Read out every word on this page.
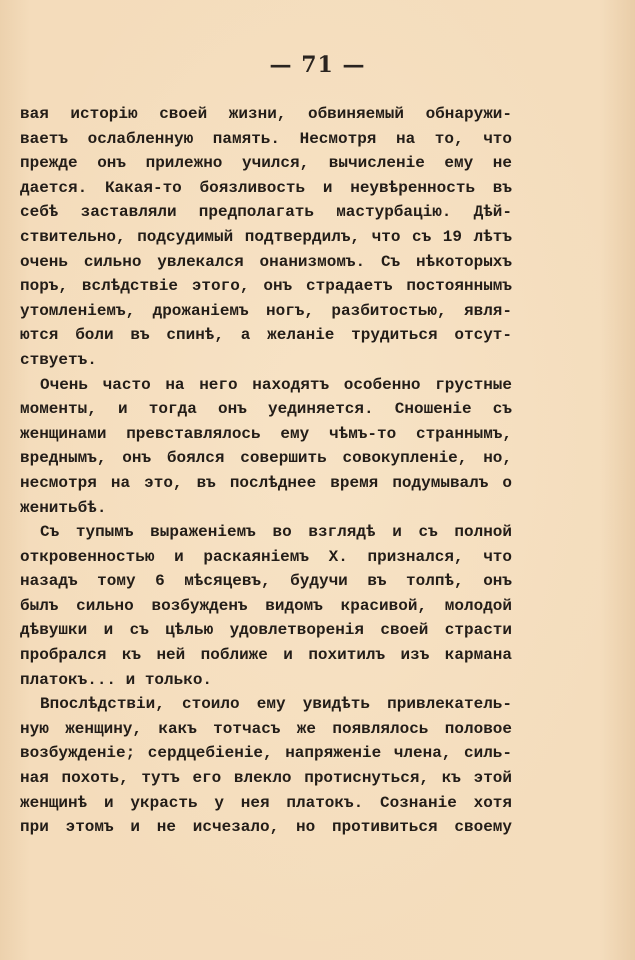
— 71 —
вая исторію своей жизни, обвиняемый обнаружи-
ваетъ ослабленную память. Несмотря на то, что
прежде онъ прилежно учился, вычисленіе ему не
дается. Какая-то боязливость и неувѣренность въ
себѣ заставляли предполагать мастурбацію. Дѣй-
ствительно, подсудимый подтвердилъ, что съ 19 лѣтъ
очень сильно увлекался онанизмомъ. Съ нѣкоторыхъ
поръ, вслѣдствіе этого, онъ страдаетъ постояннымъ
утомленіемъ, дрожаніемъ ногъ, разбитостью, явля-
ются боли въ спинѣ, а желаніе трудиться отсут-
ствуетъ.
Очень часто на него находятъ особенно грустные
моменты, и тогда онъ уединяется. Сношеніе съ
женщинами превставлялось ему чѣмъ-то страннымъ,
вреднымъ, онъ боялся совершить совокупленіе, но,
несмотря на это, въ послѣднее время подумывалъ о
женитьбѣ.
Съ тупымъ выраженіемъ во взглядѣ и съ полной
откровенностью и раскаяніемъ X. признался, что
назадъ тому 6 мѣсяцевъ, будучи въ толпѣ, онъ
былъ сильно возбужденъ видомъ красивой, молодой
дѣвушки и съ цѣлью удовлетворенія своей страсти
пробрался къ ней поближе и похитилъ изъ кармана
платокъ... и только.
Впослѣдствіи, стоило ему увидѣть привлекатель-
ную женщину, какъ тотчасъ же появлялось половое
возбужденіе; сердцебіеніе, напряженіе члена, силь-
ная похоть, тутъ его влекло протиснуться, къ этой
женщинѣ и украсть у нея платокъ. Сознаніе хотя
при этомъ и не исчезало, но противиться своему
